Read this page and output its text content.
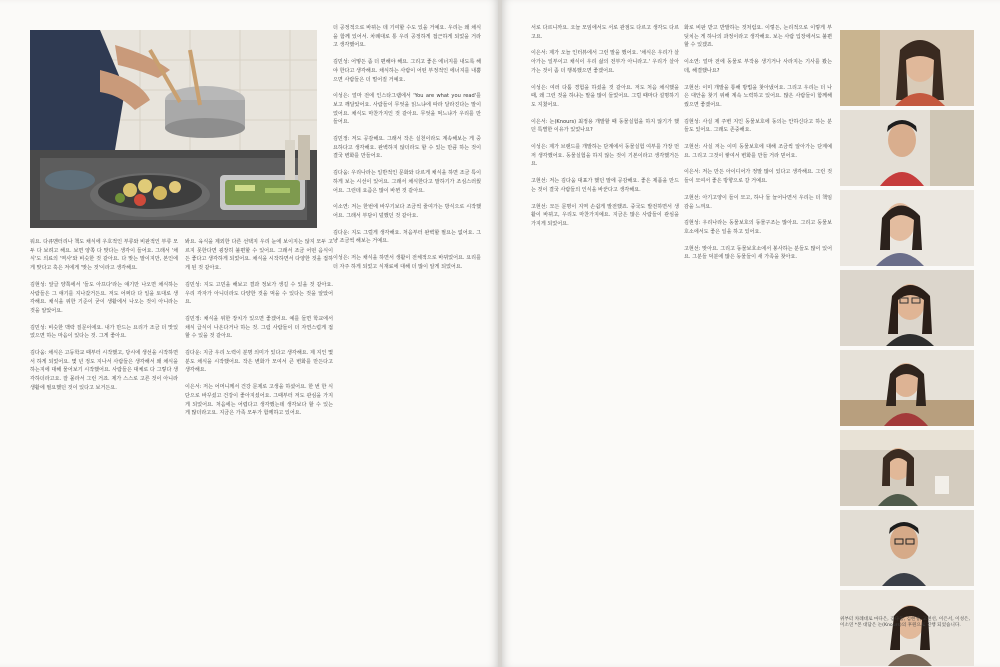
워요. 다큐멘터리나 책도 채식에 우호적인 부류와 비판적인 부류 모두 다 보려고 해요. 보면 양쪽 다 맞다는 생각이 들어요. 그래서 '채식'도 의료의 '역사'와 비슷한 것 같아요. 다 맞는 말이지만, 본인에게 맞다고 혹은 저에게 '맞는 것'이라고 생각해요.

김현성: 앞글 양쪽에서 '들도 아프다'라는 얘기만 나오면 채식하는 사람들은 그 얘기를 지나갔거든요. 저도 어쩌다 다 일을 토대로 생각해요. 채식을 위한 기준이 굳이 생활에서 나오는 것이 아니라는 것을 알았어요.

김민성: 비슷한 맥락 질문이에요. 내가 만드는 요리가 조금 더 맛있었으면 하는 마음이 있다는 것. 그게 좋아요.

김다움: 채식은 고등학교 때부터 시작했고, 당시에 생선을 시작하면서 하게 되었어요. 몇 년 정도 지나서 사람들은 생각해서 왜 채식을 하는지에 대해 물어보기 시작했어요. 사람들은 대체로 다 그렇다 생각하더라고요. 잘 몰라서 그런 거죠. 제가 스스로 고른 것이 아니라 생활에 필요했던 것이 있다고 보거든요.

봐요. 육식을 제외한 다른 선택지 우리 눈에 보이지는 않지 모두 고르지 못한다면 굉장히 불편할 수 있어요. 그래서 조금 어떤 음식이든 좋다고 생각하게 되었어요. 채식을 시작하면서 다양한 것을 접하게 된 것 같아요.

김민성: 지도 고민을 해보고 결과 정보가 생길 수 있을 것 같아요. 우리 각자가 아니더라도 다양한 것을 먹을 수 있다는 것을 알았어요.

김민정: 채식을 위한 장치가 있으면 좋겠어요. 예를 들면 학교에서 채식 급식이 나온다거나 하는 것. 그럼 사람들이 더 자연스럽게 접할 수 있을 것 같아요.

김다운: 지금 우리 노력이 분명 의미가 있다고 생각해요. 제 지인 몇 분도 채식을 시작했어요. 작은 변화가 모여서 큰 변화를 만든다고 생각해요.

이은서: 저는 어머니께서 건강 문제로 고생을 하셨어요. 한 번 한 식단으로 바꾸셨고 건강이 좋아지셨어요. 그때부터 저도 관심을 가지게 되었어요. 처음에는 어렵다고 생각했는데 생각보다 할 수 있는 게 많더라고요. 지금은 가족 모두가 함께하고 있어요.

더 공정적으로 바뀌는 데 기여할 수도 있을 거예요. 우리는 왜 채식을 함께 있어서. 차례대로 통 우리 공정하게 접근하게 되었을 거라고 생각했어요.

김민성: 어떻든 좀 더 편해야 해요. 그리고 좋은 에너지를 내도록 해야 한다고 생각해요. 채식하는 사람이 어떤 부정적인 에너지를 내뿜으면 사람들은 더 멀어질 거예요.

이성은: 얼마 전에 인스타그램에서 'You are what you read'를 보고 깨달았어요. 사람들이 무엇을 읽느냐에 따라 달라진다는 말이었어요. 채식도 마찬가지인 것 같아요. 무엇을 먹느냐가 우리를 만들어요.

김민정: 저도 공감해요. 그래서 작은 실천이라도 계속해보는 게 중요하다고 생각해요. 완벽하지 않더라도 할 수 있는 만큼 하는 것이 결국 변화를 만들어요.

김다움: 우리나라는 일반적인 문화와 다르게 채식을 하면 조금 특이하게 보는 시선이 있어요. 그래서 채식한다고 말하기가 조심스러웠어요. 그런데 요즘은 많이 바뀐 것 같아요.

이소연: 저는 한번에 바꾸기보다 조금씩 줄여가는 방식으로 시작했어요. 그래서 부담이 덜했던 것 같아요.

김다운: 지도 그럴게 생각해요. 처음부터 완벽할 필요는 없어요. 그냥 조금씩 해보는 거예요.

이성은: 저는 채식을 하면서 생활이 전체적으로 바뀌었어요. 요리를 더 자주 하게 되었고 식재료에 대해 더 많이 알게 되었어요.

서로 다르니까요. 오늘 모임에서도 서로 관점도 다르고 생각도 다르고요.

이은서: 제가 오늘 인터뷰에서 그런 말을 했어요. '채식은 우리가 살아가는 일부이고 채식이 우리 삶의 전부가 아니라고.' 우리가 살아가는 것이 좀 더 행복했으면 좋겠어요.

이성은: 여러 다툼 경험을 하셨을 것 같아요. 저도 처음 채식했을 때, 왜 그런 것을 하냐는 말을 많이 들었어요. 그럴 때마다 설명하기도 지쳤어요.

이은서: 논(Knours) 최정용 개발할 때 동물실험을 하지 않기가 했던 특별한 이유가 있었나요?

이성은: 제가 브랜드를 개발하는 단계에서 동물실험 여부를 가장 먼저 생각했어요. 동물실험을 하지 않는 것이 기본이라고 생각했거든요.

고현선: 저는 김다움 대표가 했던 말에 공감해요. 좋은 제품을 만드는 것이 결국 사람들의 인식을 바꾼다고 생각해요.

고현선: 모든 문명이 지역 손쉽게 발전했죠. 중국도 발전하면서 생활이 바뀌고, 우리도 마찬가지예요. 지금은 많은 사람들이 관심을 가지게 되었어요.

화로 비판 받고 반발하는 것처럼요. 이렇든, 논리적으로 이렇게 부딪치는 게 하나의 과정이라고 생각해요. 보는 사람 입장에서도 불편할 수 있겠죠.

이소연: 얼마 전에 동물로 부작용 생기거나 사라지는 기사를 봤는데, 해결했나요?

고현선: 이미 개발을 통해 방법을 찾아냈어요. 그리고 우리는 더 나은 대안을 찾기 위해 계속 노력하고 있어요. 많은 사람들이 함께해 줬으면 좋겠어요.

김현성: 사실 제 주변 지인 동물보호에 동의는 안하신다고 하는 분들도 있어요. 그래도 존중해요.

고현선: 사실 저는 이미 동물보호에 대해 조금씩 알아가는 단계예요. 그리고 그것이 쌓여서 변화를 만들 거라 믿어요.

이은서: 저는 만든 아이디어가 정말 많이 있다고 생각해요. 그런 것들이 모여서 좋은 방향으로 갈 거예요.

고현선: 아기고양이 들이 모고, 하나 둘 늘어나면서 우리는 더 책임감을 느껴요.

김현성: 우리나라는 동물보호의 동물구조는 많아요. 그리고 동물보호소에서도 좋은 일을 하고 있어요.

고현선: 맞아요. 그리고 동물보호소에서 봉사하는 분들도 많이 있어요. 그분들 덕분에 많은 동물들이 새 가족을 찾아요.

위부터 차례대로 마다은, 김다움, 김현성, 고현선, 이은서, 이성은, 이소연 *본 대담은 논(Knours)의 후원으로 진행 되었습니다.
